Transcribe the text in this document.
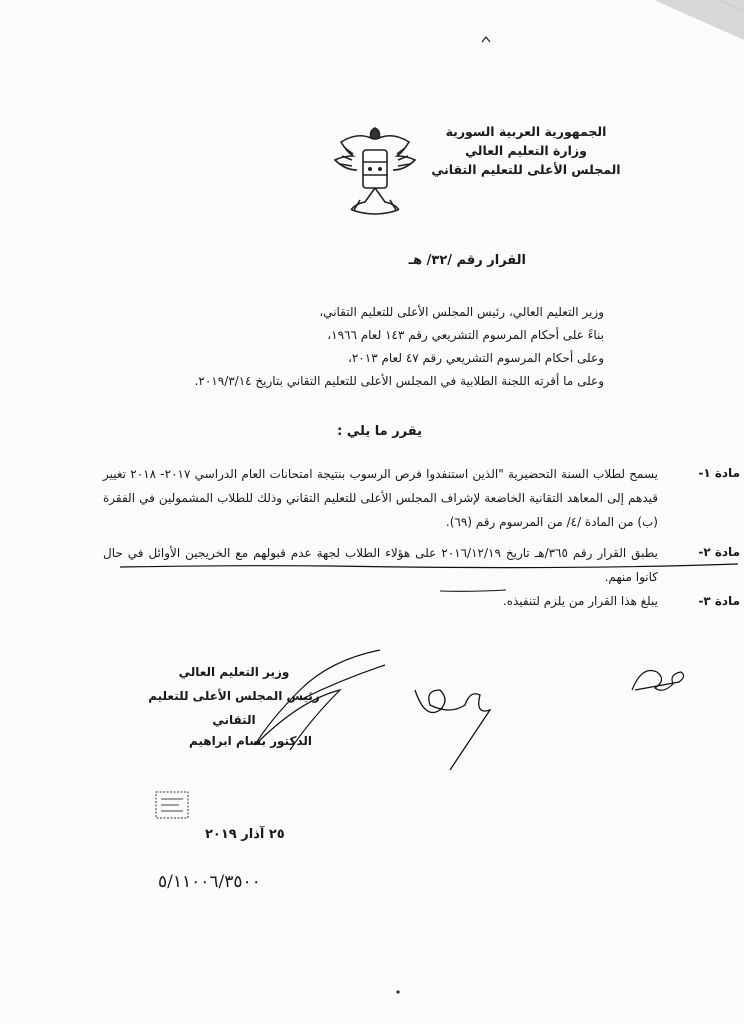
الجمهورية العربية السورية
وزارة التعليم العالي
المجلس الأعلى للتعليم التقاني
القرار رقم /٣٢/ هـ
وزير التعليم العالي، رئيس المجلس الأعلى للتعليم التقاني،
بناءً على أحكام المرسوم التشريعي رقم ١٤٣ لعام ١٩٦٦،
وعلى أحكام المرسوم التشريعي رقم ٤٧ لعام ٢٠١٣،
وعلى ما أقرته اللجنة الطلابية في المجلس الأعلى للتعليم التقاني بتاريخ ٢٠١٩/٣/١٤.
يقرر ما يلي :
مادة ١-
يسمح لطلاب السنة التحضيرية "الذين استنفدوا فرص الرسوب بنتيجة امتحانات العام الدراسي ٢٠١٧- ٢٠١٨ تغيير قيدهم إلى المعاهد التقانية الخاضعة لإشراف المجلس الأعلى للتعليم التقاني وذلك للطلاب المشمولين في الفقرة (ب) من المادة /٤/ من المرسوم رقم (٦٩).
مادة ٢-
يطبق القرار رقم ٣٦٥/هـ تاريخ ٢٠١٦/١٢/١٩ على هؤلاء الطلاب لجهة عدم قبولهم مع الخريجين الأوائل في حال كانوا منهم.
مادة ٣-
يبلغ هذا القرار من يلزم لتنفيذه.
وزير التعليم العالي
رئيس المجلس الأعلى للتعليم التقاني
الدكتور بسام ابراهيم
٢٥ آذار ٢٠١٩
٥/١١٠٠٦/٣٥٠٠
